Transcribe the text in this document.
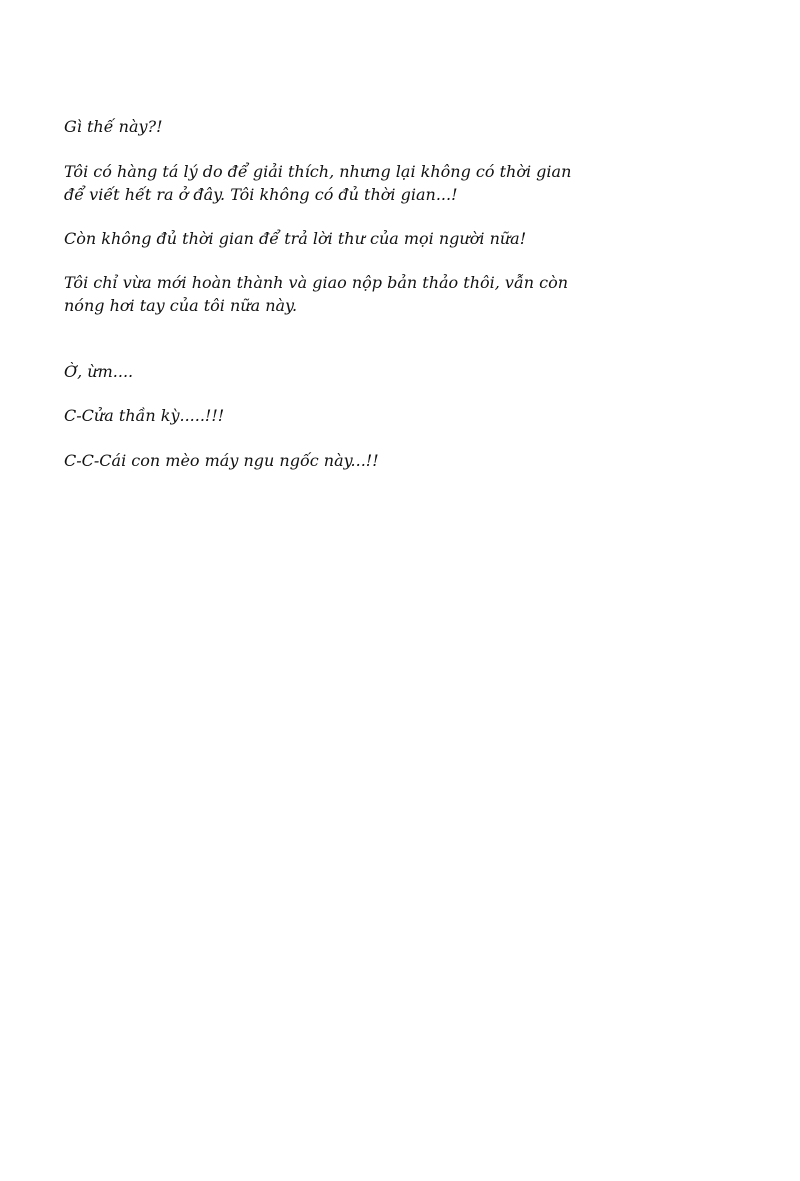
Gì thế này?!

Tôi có hàng tá lý do để giải thích, nhưng lại không có thời gian

để viết hết ra ở đây. Tôi không có đủ thời gian...!

Còn không đủ thời gian để trả lời thư của mọi người nữa!

Tôi chỉ vừa mới hoàn thành và giao nộp bản thảo thôi, vẫn còn

nóng hơi tay của tôi nữa này.

Ờ, ừm....

C-Cửa thần kỳ.....!!!

C-C-Cái con mèo máy ngu ngốc này...!!
